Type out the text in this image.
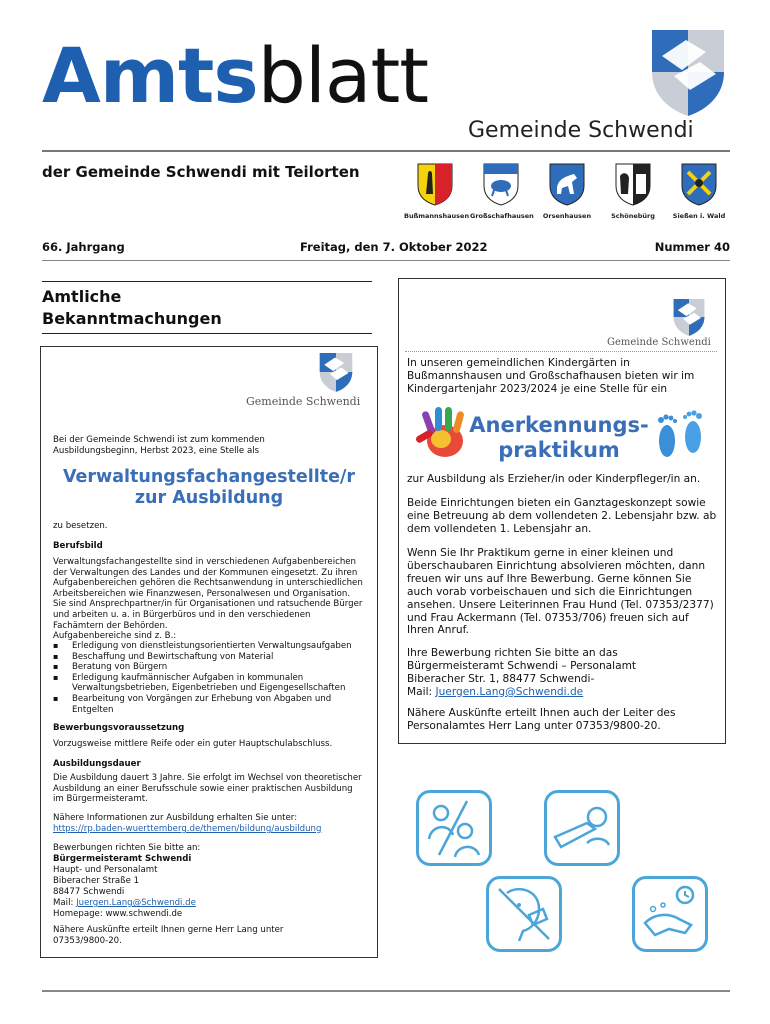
Amtsblatt
Gemeinde Schwendi
der Gemeinde Schwendi mit Teilorten
Bußmannshausen Großschafhausen	Orsenhausen	Schönebürg	Sießen i. Wald
66. Jahrgang	Freitag, den 7. Oktober 2022	Nummer 40
Amtliche
Bekanntmachungen
Gemeinde Schwendi
Bei der Gemeinde Schwendi ist zum kommenden Ausbildungsbeginn, Herbst 2023, eine Stelle als
Verwaltungsfachangestellte/r
zur Ausbildung
zu besetzen.
Berufsbild
Verwaltungsfachangestellte sind in verschiedenen Aufgabenbereichen der Verwaltungen des Landes und der Kommunen eingesetzt. Zu ihren Aufgabenbereichen gehören die Rechtsanwendung in unterschiedlichen Arbeitsbereichen wie Finanzwesen, Personalwesen und Organisation. Sie sind Ansprechpartner/in für Organisationen und ratsuchende Bürger und arbeiten u. a. in Bürgerbüros und in den verschiedenen Fachämtern der Behörden.
Aufgabenbereiche sind z. B.:
▪ Erledigung von dienstleistungsorientierten Verwaltungsaufgaben
▪ Beschaffung und Bewirtschaftung von Material
▪ Beratung von Bürgern
▪ Erledigung kaufmännischer Aufgaben in kommunalen Verwaltungsbetrieben, Eigenbetrieben und Eigengesellschaften
▪ Bearbeitung von Vorgängen zur Erhebung von Abgaben und Entgelten
Bewerbungsvoraussetzung
Vorzugsweise mittlere Reife oder ein guter Hauptschulabschluss.
Ausbildungsdauer
Die Ausbildung dauert 3 Jahre. Sie erfolgt im Wechsel von theoretischer Ausbildung an einer Berufsschule sowie einer praktischen Ausbildung im Bürgermeisteramt.
Nähere Informationen zur Ausbildung erhalten Sie unter:
https://rp.baden-wuerttemberg.de/themen/bildung/ausbildung
Bewerbungen richten Sie bitte an:
Bürgermeisteramt Schwendi
Haupt- und Personalamt
Biberacher Straße 1
88477 Schwendi
Mail: Juergen.Lang@Schwendi.de
Homepage: www.schwendi.de
Nähere Auskünfte erteilt Ihnen gerne Herr Lang unter 07353/9800-20.
Gemeinde Schwendi
In unseren gemeindlichen Kindergärten in Bußmannshausen und Großschafhausen bieten wir im Kindergartenjahr 2023/2024 je eine Stelle für ein
Anerkennungs-
praktikum
zur Ausbildung als Erzieher/in oder Kinderpfleger/in an.
Beide Einrichtungen bieten ein Ganztageskonzept sowie eine Betreuung ab dem vollendeten 2. Lebensjahr bzw. ab dem vollendeten 1. Lebensjahr an.
Wenn Sie Ihr Praktikum gerne in einer kleinen und überschaubaren Einrichtung absolvieren möchten, dann freuen wir uns auf Ihre Bewerbung. Gerne können Sie auch vorab vorbeischauen und sich die Einrichtungen ansehen. Unsere Leiterinnen Frau Hund (Tel. 07353/2377) und Frau Ackermann (Tel. 07353/706) freuen sich auf Ihren Anruf.
Ihre Bewerbung richten Sie bitte an das
Bürgermeisteramt Schwendi – Personalamt
Biberacher Str. 1, 88477 Schwendi-
Mail: Juergen.Lang@Schwendi.de
Nähere Auskünfte erteilt Ihnen auch der Leiter des Personalamtes Herr Lang unter 07353/9800-20.
